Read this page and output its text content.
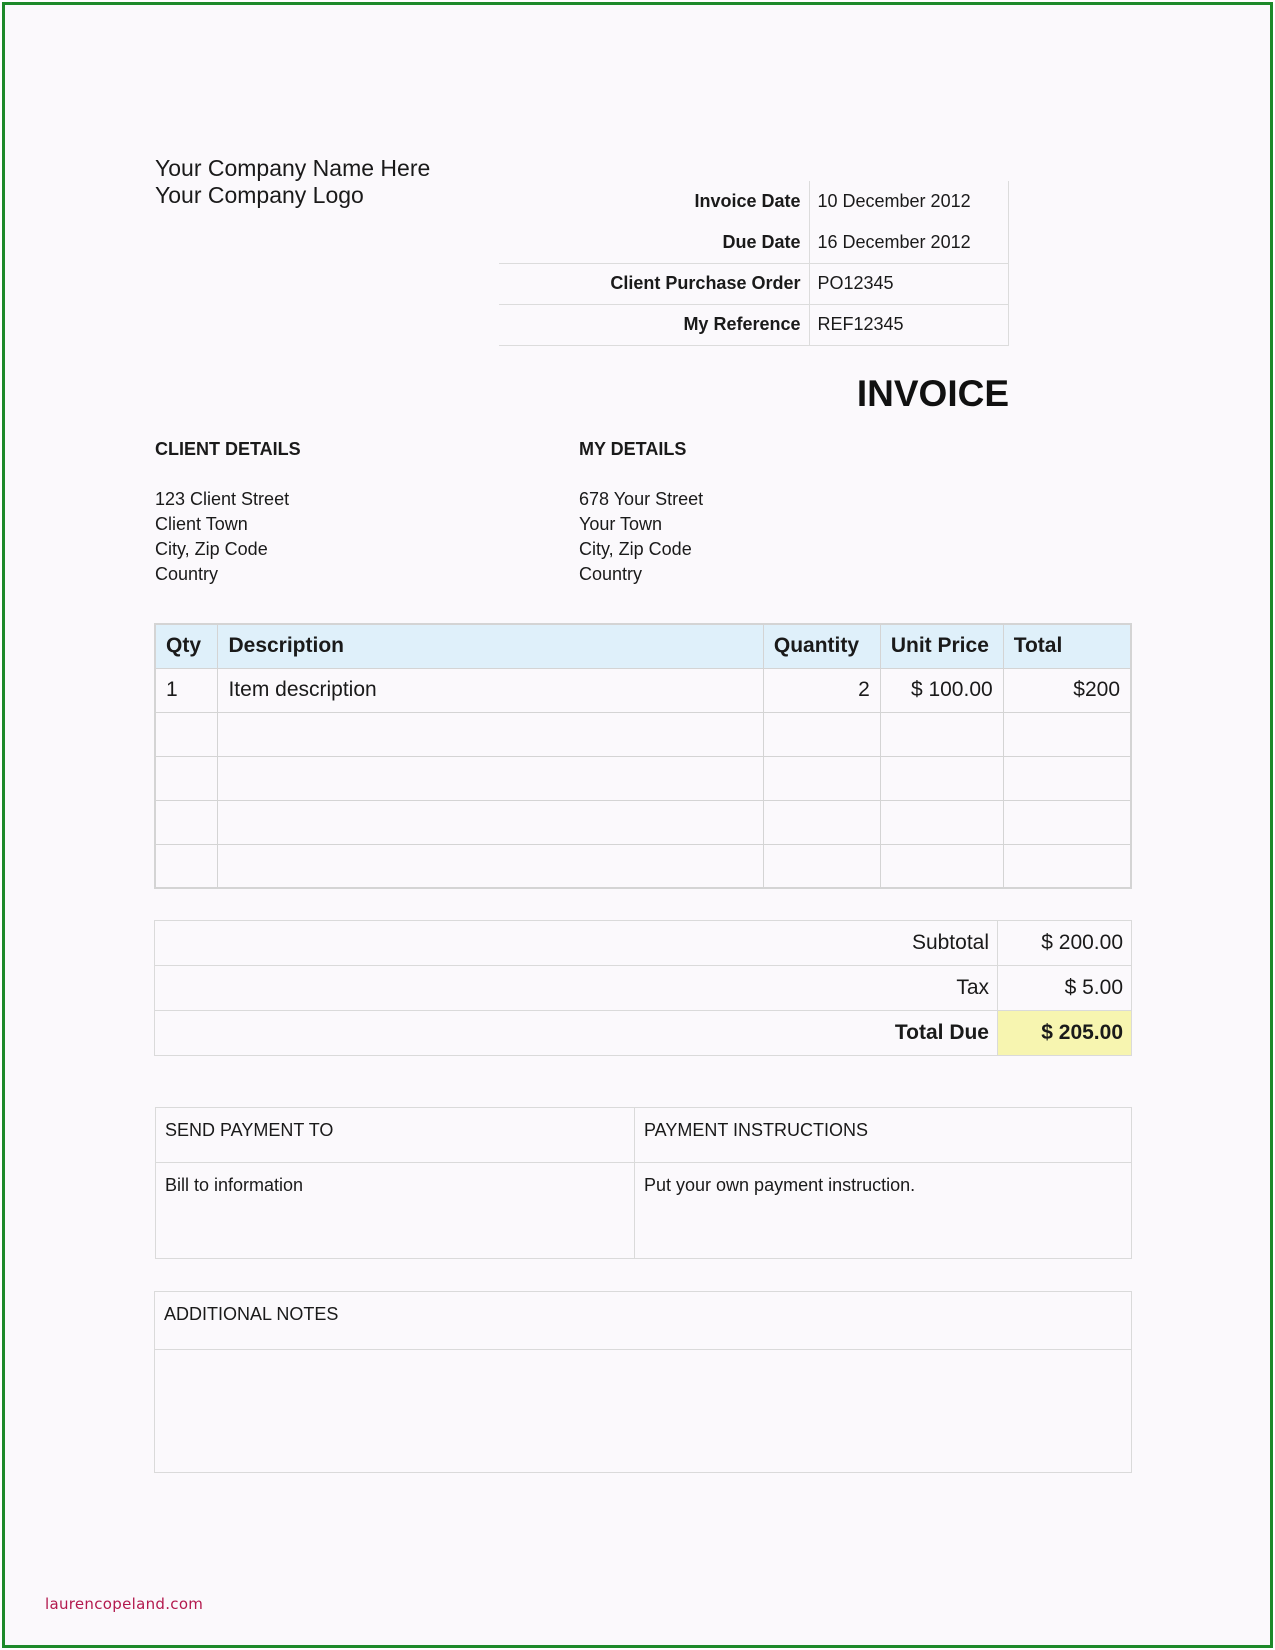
Your Company Name Here
Your Company Logo	Invoice Date	10 December 2012
Due Date	16 December 2012
Client Purchase Order	PO12345
My Reference	REF12345
INVOICE
CLIENT DETAILS
123 Client Street
Client Town
City, Zip Code
Country
MY DETAILS
678 Your Street
Your Town
City, Zip Code
Country
Qty	Description	Quantity	Unit Price	Total
1	Item description	2	$ 100.00	$200

Subtotal	$ 200.00
Tax	$ 5.00
Total Due	$ 205.00
SEND PAYMENT TO	PAYMENT INSTRUCTIONS
Bill to information	Put your own payment instruction.
ADDITIONAL NOTES
laurencopeland.com
